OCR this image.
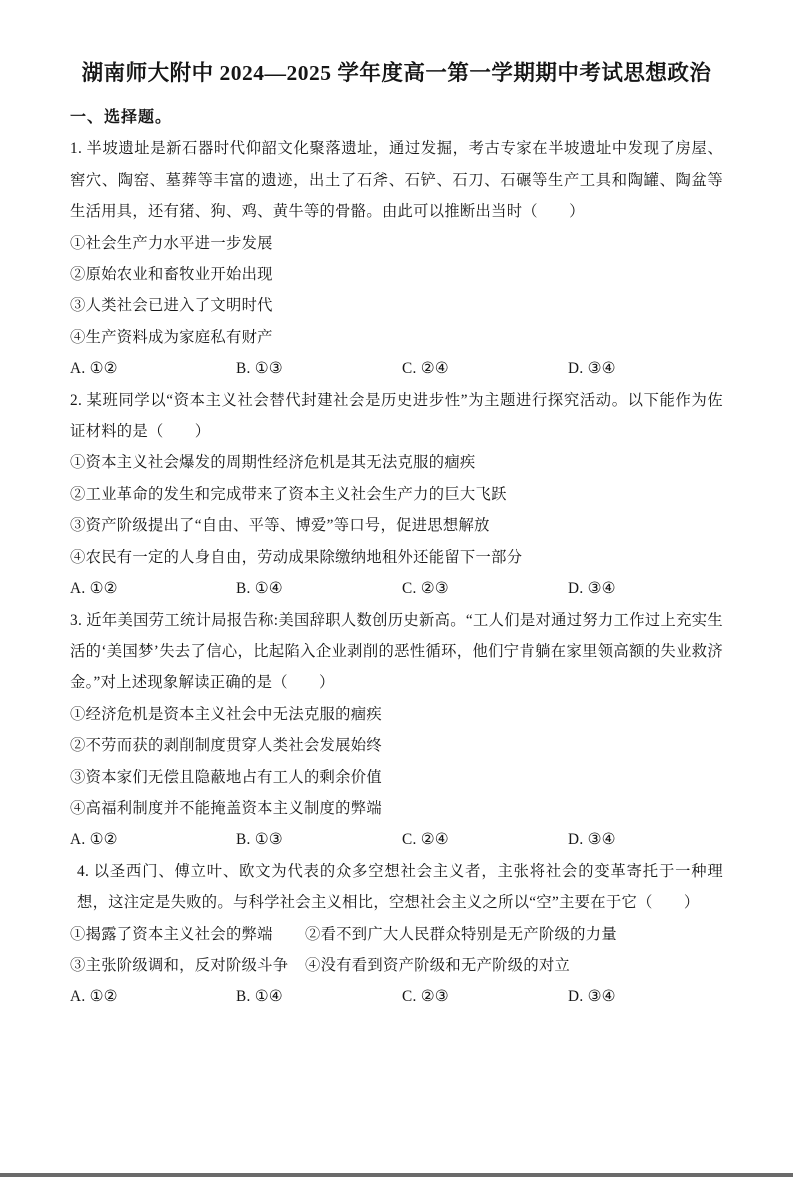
湖南师大附中 2024—2025 学年度高一第一学期期中考试思想政治
一、选择题。

1. 半坡遗址是新石器时代仰韶文化聚落遗址，通过发掘，考古专家在半坡遗址中发现了房屋、窖穴、陶窑、墓葬等丰富的遗迹，出土了石斧、石铲、石刀、石碾等生产工具和陶罐、陶盆等生活用具，还有猪、狗、鸡、黄牛等的骨骼。由此可以推断出当时（　　）

①社会生产力水平进一步发展
②原始农业和畜牧业开始出现
③人类社会已进入了文明时代
④生产资料成为家庭私有财产
A. ①②	B. ①③	C. ②④	D. ③④

2. 某班同学以“资本主义社会替代封建社会是历史进步性”为主题进行探究活动。以下能作为佐证材料的是（　　）

①资本主义社会爆发的周期性经济危机是其无法克服的痼疾
②工业革命的发生和完成带来了资本主义社会生产力的巨大飞跃
③资产阶级提出了“自由、平等、博爱”等口号，促进思想解放
④农民有一定的人身自由，劳动成果除缴纳地租外还能留下一部分
A. ①②	B. ①④	C. ②③	D. ③④

3. 近年美国劳工统计局报告称:美国辞职人数创历史新高。“工人们是对通过努力工作过上充实生活的‘美国梦’失去了信心，比起陷入企业剥削的恶性循环，他们宁肯躺在家里领高额的失业救济金。”对上述现象解读正确的是（　　）

①经济危机是资本主义社会中无法克服的痼疾
②不劳而获的剥削制度贯穿人类社会发展始终
③资本家们无偿且隐蔽地占有工人的剩余价值
④高福利制度并不能掩盖资本主义制度的弊端
A. ①②	B. ①③	C. ②④	D. ③④

4. 以圣西门、傅立叶、欧文为代表的众多空想社会主义者，主张将社会的变革寄托于一种理想，这注定是失败的。与科学社会主义相比，空想社会主义之所以“空”主要在于它（　　）

①揭露了资本主义社会的弊端	②看不到广大人民群众特别是无产阶级的力量
③主张阶级调和，反对阶级斗争	④没有看到资产阶级和无产阶级的对立
A. ①②	B. ①④	C. ②③	D. ③④
